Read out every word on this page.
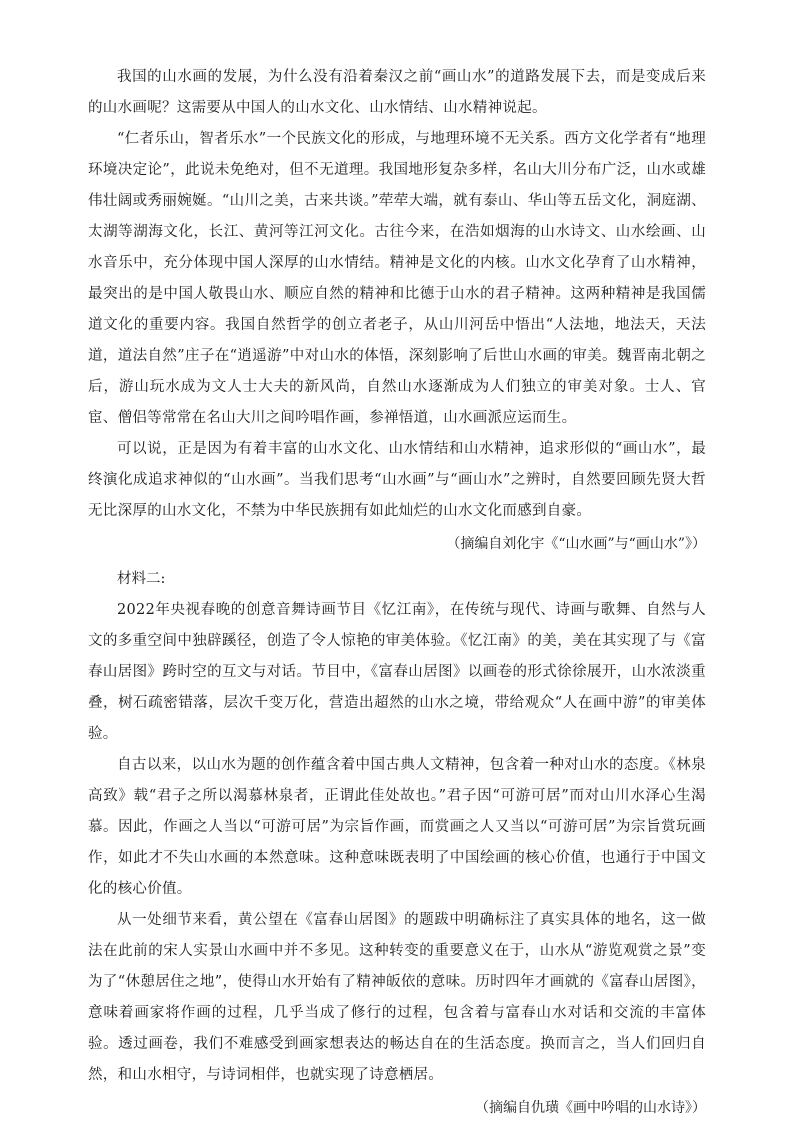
我国的山水画的发展，为什么没有沿着秦汉之前“画山水”的道路发展下去，而是变成后来的山水画呢？这需要从中国人的山水文化、山水情结、山水精神说起。

“仁者乐山，智者乐水”一个民族文化的形成，与地理环境不无关系。西方文化学者有“地理环境决定论”，此说未免绝对，但不无道理。我国地形复杂多样，名山大川分布广泛，山水或雄伟壮阔或秀丽婉娫。“山川之美，古来共谈。”荦荦大端，就有泰山、华山等五岳文化，洞庭湖、太湖等湖海文化，长江、黄河等江河文化。古往今来，在浩如烟海的山水诗文、山水绘画、山水音乐中，充分体现中国人深厚的山水情结。精神是文化的内核。山水文化孕育了山水精神，最突出的是中国人敬畏山水、顺应自然的精神和比德于山水的君子精神。这两种精神是我国儒道文化的重要内容。我国自然哲学的创立者老子，从山川河岳中悟出“人法地，地法天，天法道，道法自然”庄子在“逍遥游”中对山水的体悟，深刻影响了后世山水画的审美。魏晋南北朝之后，游山玩水成为文人士大夫的新风尚，自然山水逐渐成为人们独立的审美对象。士人、官宦、僧侣等常常在名山大川之间吟唱作画，参禅悟道，山水画派应运而生。

可以说，正是因为有着丰富的山水文化、山水情结和山水精神，追求形似的“画山水”，最终演化成追求神似的“山水画”。当我们思考“山水画”与“画山水”之辨时，自然要回顾先贤大哲无比深厚的山水文化，不禁为中华民族拥有如此灿烂的山水文化而感到自豪。

（摘编自刘化宇《“山水画”与“画山水”》）

材料二:

2022年央视春晚的创意音舞诗画节目《忆江南》，在传统与现代、诗画与歌舞、自然与人文的多重空间中独辟蹊径，创造了令人惊艳的审美体验。《忆江南》的美，美在其实现了与《富春山居图》跨时空的互文与对话。节目中，《富春山居图》以画卷的形式徐徐展开，山水浓淡重叠，树石疏密错落，层次千变万化，营造出超然的山水之境，带给观众“人在画中游”的审美体验。

自古以来，以山水为题的创作蕴含着中国古典人文精神，包含着一种对山水的态度。《林泉高致》载“君子之所以渴慕林泉者，正谓此佳处故也。”君子因“可游可居”而对山川水泽心生渴慕。因此，作画之人当以“可游可居”为宗旨作画，而赏画之人又当以“可游可居”为宗旨赏玩画作，如此才不失山水画的本然意味。这种意味既表明了中国绘画的核心价值，也通行于中国文化的核心价值。

从一处细节来看，黄公望在《富春山居图》的题跋中明确标注了真实具体的地名，这一做法在此前的宋人实景山水画中并不多见。这种转变的重要意义在于，山水从“游览观赏之景”变为了“休憩居住之地”，使得山水开始有了精神皈依的意味。历时四年才画就的《富春山居图》，意味着画家将作画的过程，几乎当成了修行的过程，包含着与富春山水对话和交流的丰富体验。透过画卷，我们不难感受到画家想表达的畅达自在的生活态度。换而言之，当人们回归自然，和山水相守，与诗词相伴，也就实现了诗意栖居。

（摘编自仇璜《画中吟唱的山水诗》）
